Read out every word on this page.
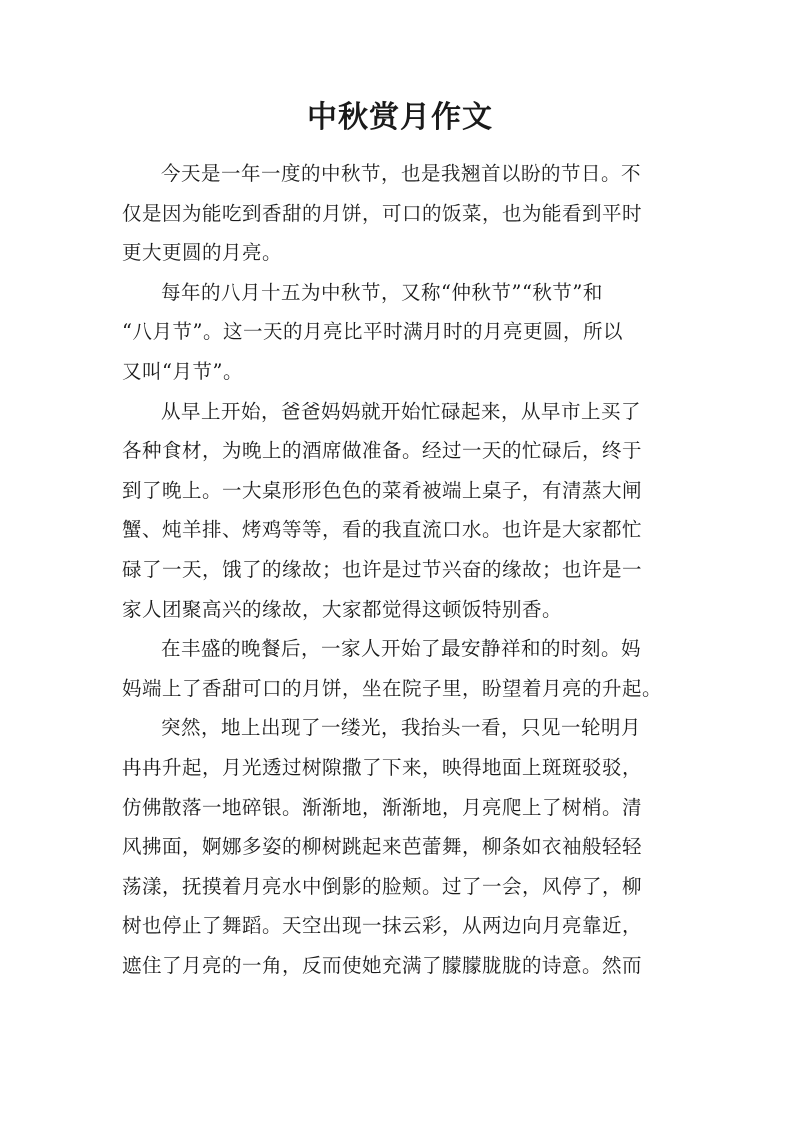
中秋赏月作文

今天是一年一度的中秋节，也是我翘首以盼的节日。不
仅是因为能吃到香甜的月饼，可口的饭菜，也为能看到平时
更大更圆的月亮。

每年的八月十五为中秋节，又称“仲秋节”“秋节”和
“八月节”。这一天的月亮比平时满月时的月亮更圆，所以
又叫“月节”。

从早上开始，爸爸妈妈就开始忙碌起来，从早市上买了
各种食材，为晚上的酒席做准备。经过一天的忙碌后，终于
到了晚上。一大桌形形色色的菜肴被端上桌子，有清蒸大闸
蟹、炖羊排、烤鸡等等，看的我直流口水。也许是大家都忙
碌了一天，饿了的缘故；也许是过节兴奋的缘故；也许是一
家人团聚高兴的缘故，大家都觉得这顿饭特别香。

在丰盛的晚餐后，一家人开始了最安静祥和的时刻。妈
妈端上了香甜可口的月饼，坐在院子里，盼望着月亮的升起。

突然，地上出现了一缕光，我抬头一看，只见一轮明月
冉冉升起，月光透过树隙撒了下来，映得地面上斑斑驳驳，
仿佛散落一地碎银。渐渐地，渐渐地，月亮爬上了树梢。清
风拂面，婀娜多姿的柳树跳起来芭蕾舞，柳条如衣袖般轻轻
荡漾，抚摸着月亮水中倒影的脸颊。过了一会，风停了，柳
树也停止了舞蹈。天空出现一抹云彩，从两边向月亮靠近，
遮住了月亮的一角，反而使她充满了朦朦胧胧的诗意。然而
